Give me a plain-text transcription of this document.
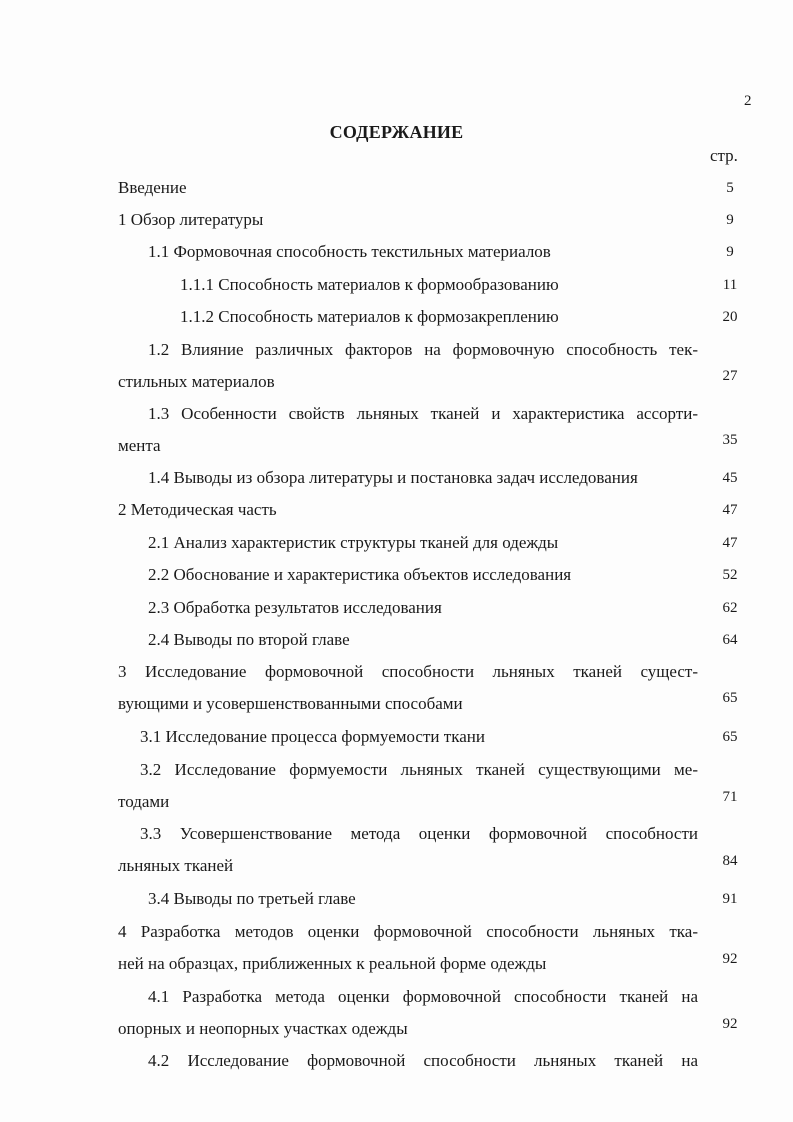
2
СОДЕРЖАНИЕ
стр.
Введение	5
1 Обзор литературы	9
1.1 Формовочная способность текстильных материалов	9
1.1.1 Способность материалов к формообразованию	11
1.1.2 Способность материалов к формозакреплению	20
1.2 Влияние различных факторов на формовочную способность тек-
стильных материалов	27
1.3 Особенности свойств льняных тканей и характеристика ассорти-
мента	35
1.4 Выводы из обзора литературы и постановка задач исследования	45
2 Методическая часть	47
2.1 Анализ характеристик структуры тканей для одежды	47
2.2 Обоснование и характеристика объектов исследования	52
2.3 Обработка результатов исследования	62
2.4 Выводы по второй главе	64
3 Исследование формовочной способности льняных тканей сущест-
вующими и усовершенствованными способами	65
3.1 Исследование процесса формуемости ткани	65
3.2 Исследование формуемости льняных тканей существующими ме-
тодами	71
3.3 Усовершенствование метода оценки формовочной способности
льняных тканей	84
3.4 Выводы по третьей главе	91
4 Разработка методов оценки формовочной способности льняных тка-
ней на образцах, приближенных к реальной форме одежды	92
4.1 Разработка метода оценки формовочной способности тканей на
опорных и неопорных участках одежды	92
4.2 Исследование формовочной способности льняных тканей на
